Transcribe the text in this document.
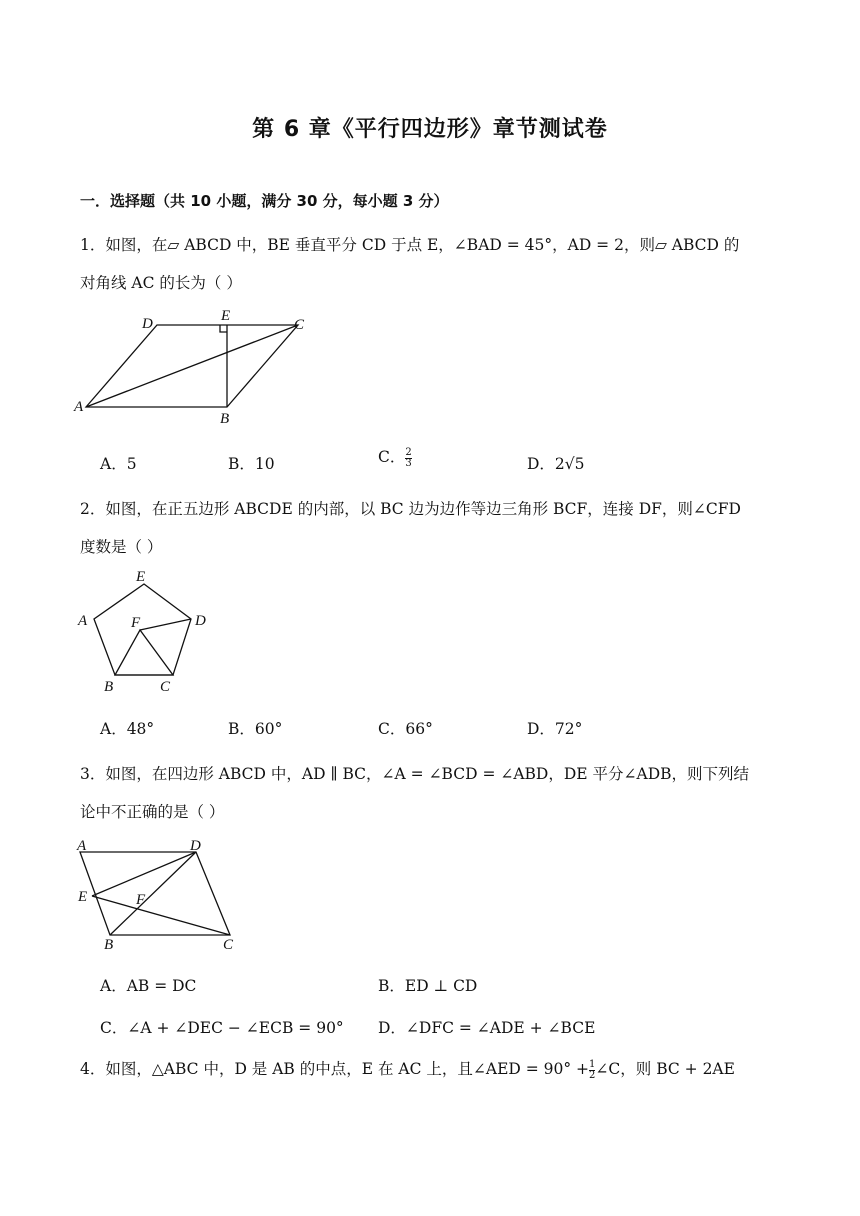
第 6 章《平行四边形》章节测试卷
一．选择题（共 10 小题，满分 30 分，每小题 3 分）
1．如图，在▱ ABCD 中，BE 垂直平分 CD 于点 E，∠BAD = 45°，AD = 2，则▱ ABCD 的
对角线 AC 的长为（ ）
D	E
C
A
B
A．5	B．10	C．$\frac{2}{3}$	D．2√5
2．如图，在正五边形 ABCDE 的内部，以 BC 边为边作等边三角形 BCF，连接 DF，则∠CFD
度数是（ ）
E
A	F	D
B	C
A．48°	B．60°	C．66°	D．72°
3．如图，在四边形 ABCD 中，AD ∥ BC，∠A = ∠BCD = ∠ABD，DE 平分∠ADB，则下列结
论中不正确的是（ ）
A	D
E	F
B	C
A．AB = DC	B．ED ⊥ CD
C．∠A + ∠DEC − ∠ECB = 90° D．∠DFC = ∠ADE + ∠BCE
4．如图，△ABC 中，D 是 AB 的中点，E 在 AC 上，且∠AED = $90^\circ +\frac{1}{2}$ ∠C，则 BC + 2AE
